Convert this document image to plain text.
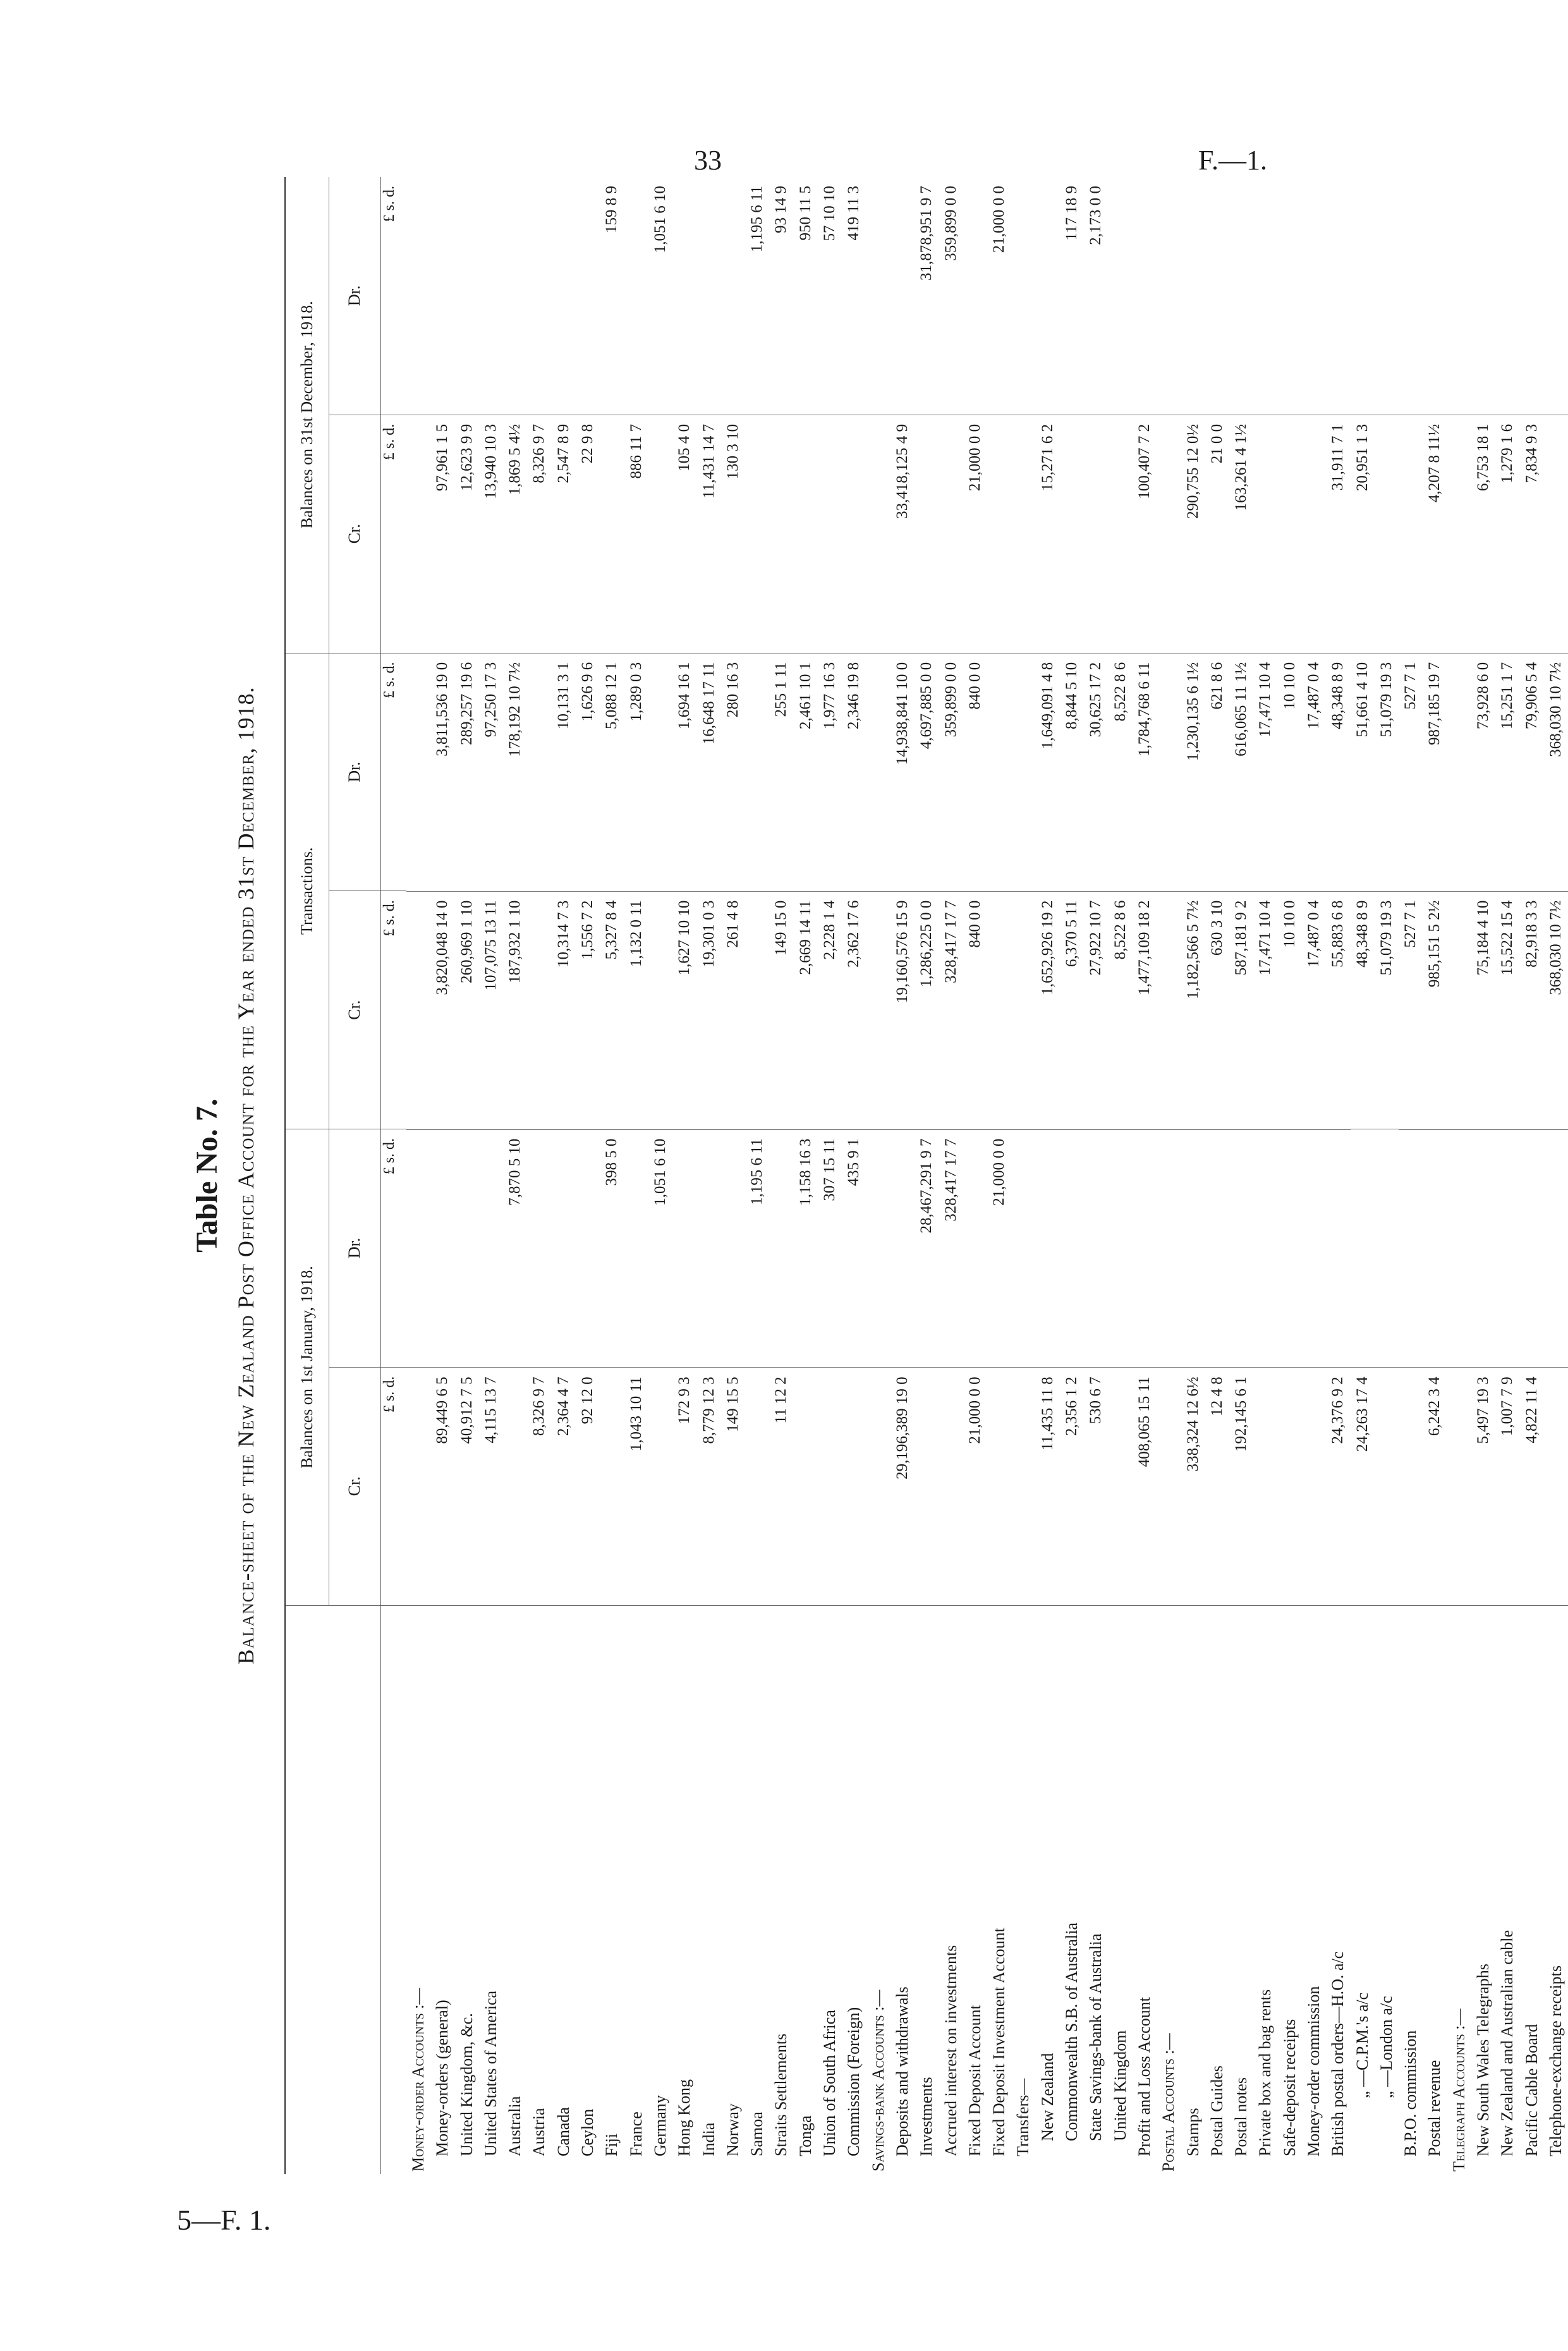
33	F.—1.
5—F. 1.
Table No. 7. Balance-sheet of the New Zealand Post Office Account for the Year ended 31st December, 1918.	Balances on 1st January, 1918.
Cr.
Dr.
Transactions.
Cr.
Dr.
Balances on 31st December, 1918.
Cr.
Dr.
£ s. d.
£ s. d.
£ s. d.
£ s. d.
£ s. d.
£ s. d.
Money-order Accounts :— Money-orders (general)
89,449 6 5
3,820,048 14 0
3,811,536 19 0
97,961 1 5
United Kingdom, &c.
40,912 7 5
260,969 1 10
289,257 19 6
12,623 9 9
United States of America
4,115 13 7
107,075 13 11
97,250 17 3
13,940 10 3
Australia
7,870 5 10
187,932 1 10
178,192 10 7½
1,869 5 4½
Austria
8,326 9 7
8,326 9 7
Canada
2,364 4 7
10,314 7 3
10,131 3 1
2,547 8 9
Ceylon
92 12 0
1,556 7 2
1,626 9 6
22 9 8
Fiji
398 5 0
5,327 8 4
5,088 12 1
159 8 9
France
1,043 10 11
1,132 0 11
1,289 0 3
886 11 7
Germany
1,051 6 10
1,051 6 10
Hong Kong
172 9 3
1,627 10 10
1,694 16 1
105 4 0
India
8,779 12 3
19,301 0 3
16,648 17 11
11,431 14 7
Norway
149 15 5
261 4 8
280 16 3
130 3 10
Samoa
1,195 6 11
1,195 6 11
Straits Settlements
11 12 2
149 15 0
255 1 11
93 14 9
Tonga
1,158 16 3
2,669 14 11
2,461 10 1
950 11 5
Union of South Africa
307 15 11
2,228 1 4
1,977 16 3
57 10 10
Commission (Foreign)
435 9 1
2,362 17 6
2,346 19 8
419 11 3
Savings-bank Accounts :— Deposits and withdrawals
29,196,389 19 0
19,160,576 15 9
14,938,841 10 0
33,418,125 4 9
Investments
28,467,291 9 7
1,286,225 0 0
4,697,885 0 0
31,878,951 9 7
Accrued interest on investments
328,417 17 7
328,417 17 7
359,899 0 0
359,899 0 0
Fixed Deposit Account
21,000 0 0
840 0 0
840 0 0
21,000 0 0
Fixed Deposit Investment Account
21,000 0 0
21,000 0 0
Transfers— New Zealand
11,435 11 8
1,652,926 19 2
1,649,091 4 8
15,271 6 2
Commonwealth S.B. of Australia
2,356 1 2
6,370 5 11
8,844 5 10
117 18 9
State Savings-bank of Australia
530 6 7
27,922 10 7
30,625 17 2
2,173 0 0
United Kingdom
8,522 8 6
8,522 8 6
Profit and Loss Account
408,065 15 11
1,477,109 18 2
1,784,768 6 11
100,407 7 2
Postal Accounts :— Stamps
338,324 12 6½
1,182,566 5 7½
1,230,135 6 1½
290,755 12 0½
Postal Guides
12 4 8
630 3 10
621 8 6
21 0 0
Postal notes
192,145 6 1
587,181 9 2
616,065 11 1½
163,261 4 1½
Private box and bag rents
17,471 10 4
17,471 10 4
Safe-deposit receipts
10 10 0
10 10 0
Money-order commission
17,487 0 4
17,487 0 4
British postal orders—H.O. a/c
24,376 9 2
55,883 6 8
48,348 8 9
31,911 7 1
„ —C.P.M.'s a/c
24,263 17 4
48,348 8 9
51,661 4 10
20,951 1 3
„ —London a/c
51,079 19 3
51,079 19 3
B.P.O. commission
527 7 1
527 7 1
Postal revenue
6,242 3 4
985,151 5 2½
987,185 19 7
4,207 8 11½
Telegraph Accounts :— New South Wales Telegraphs
5,497 19 3
75,184 4 10
73,928 6 0
6,753 18 1
New Zealand and Australian cable
1,007 7 9
15,522 15 4
15,251 1 7
1,279 1 6
Pacific Cable Board
4,822 11 4
82,918 3 3
79,906 5 4
7,834 9 3
Telephone-exchange receipts
368,030 10 7½
368,030 10 7½
